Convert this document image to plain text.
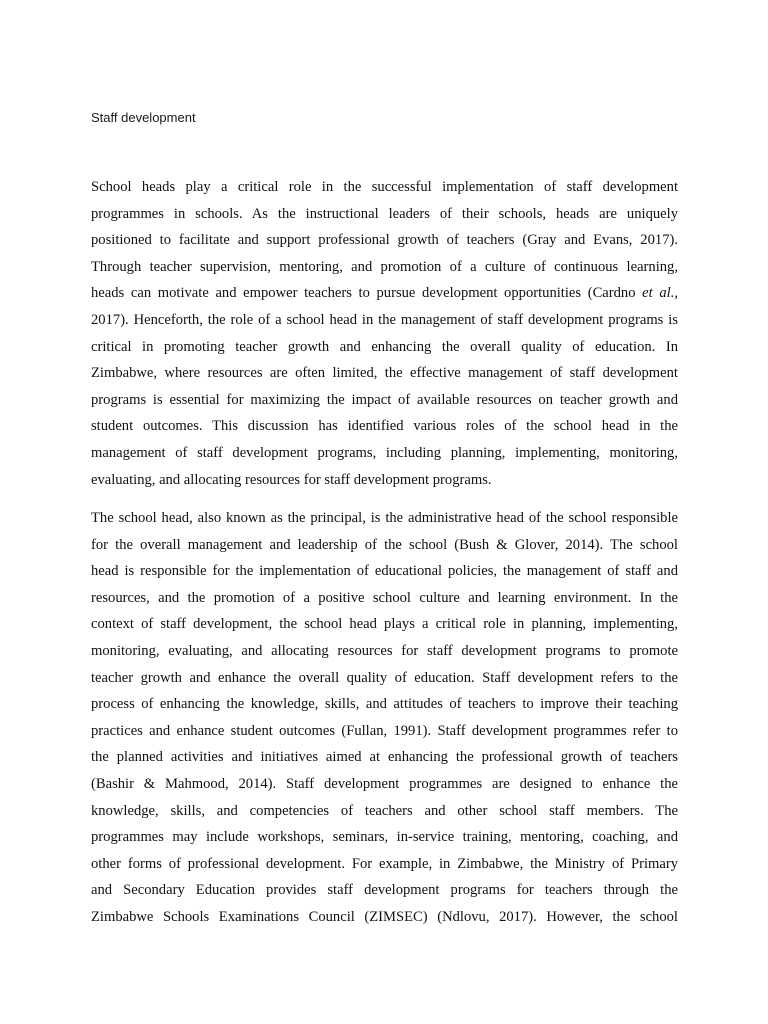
Staff development

School heads play a critical role in the successful implementation of staff development
programmes in schools. As the instructional leaders of their schools, heads are uniquely
positioned to facilitate and support professional growth of teachers (Gray and Evans, 2017).
Through teacher supervision, mentoring, and promotion of a culture of continuous learning,
heads can motivate and empower teachers to pursue development opportunities (Cardno et al.,
2017). Henceforth, the role of a school head in the management of staff development programs is
critical in promoting teacher growth and enhancing the overall quality of education. In
Zimbabwe, where resources are often limited, the effective management of staff development
programs is essential for maximizing the impact of available resources on teacher growth and
student outcomes. This discussion has identified various roles of the school head in the
management of staff development programs, including planning, implementing, monitoring,
evaluating, and allocating resources for staff development programs.

The school head, also known as the principal, is the administrative head of the school responsible
for the overall management and leadership of the school (Bush & Glover, 2014). The school
head is responsible for the implementation of educational policies, the management of staff and
resources, and the promotion of a positive school culture and learning environment. In the
context of staff development, the school head plays a critical role in planning, implementing,
monitoring, evaluating, and allocating resources for staff development programs to promote
teacher growth and enhance the overall quality of education. Staff development refers to the
process of enhancing the knowledge, skills, and attitudes of teachers to improve their teaching
practices and enhance student outcomes (Fullan, 1991). Staff development programmes refer to
the planned activities and initiatives aimed at enhancing the professional growth of teachers
(Bashir & Mahmood, 2014). Staff development programmes are designed to enhance the
knowledge, skills, and competencies of teachers and other school staff members. The
programmes may include workshops, seminars, in-service training, mentoring, coaching, and
other forms of professional development. For example, in Zimbabwe, the Ministry of Primary
and Secondary Education provides staff development programs for teachers through the
Zimbabwe Schools Examinations Council (ZIMSEC) (Ndlovu, 2017). However, the school
